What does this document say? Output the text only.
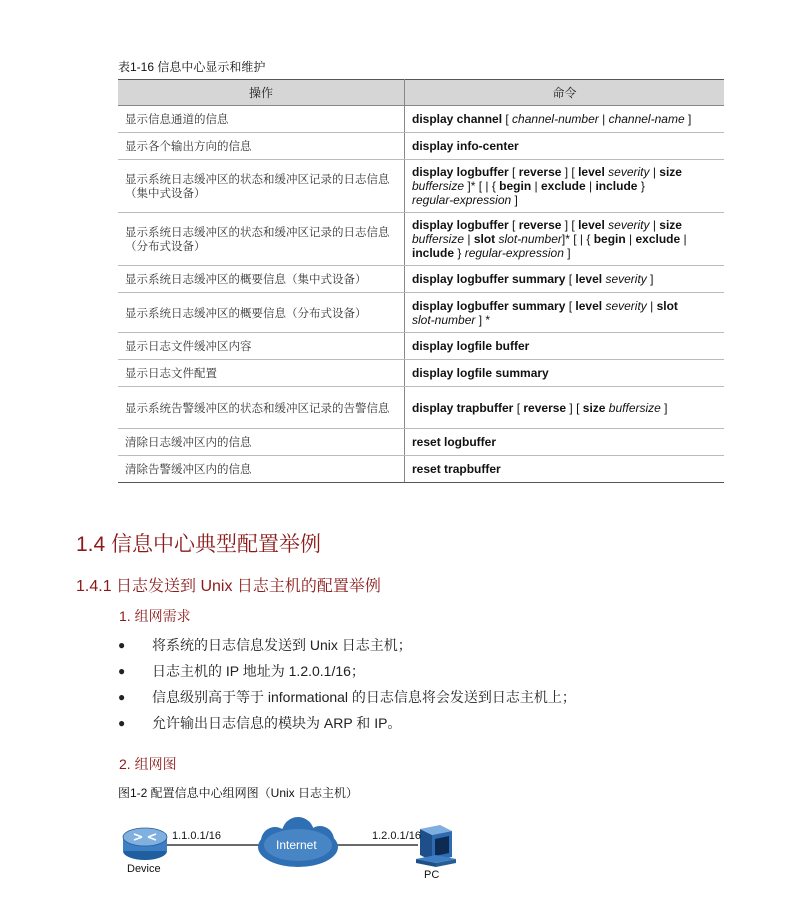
表1-16 信息中心显示和维护
操作	命令
显示信息通道的信息	display channel [ channel-number | channel-name ]
显示各个输出方向的信息	display info-center
显示系统日志缓冲区的状态和缓冲区记录的日志信息（集中式设备）	display logbuffer [ reverse ] [ level severity | size
buffersize ]* [ | { begin | exclude | include }
regular-expression ]
显示系统日志缓冲区的状态和缓冲区记录的日志信息（分布式设备）	display logbuffer [ reverse ] [ level severity | size
buffersize | slot slot-number]* [ | { begin | exclude |
include } regular-expression ]
显示系统日志缓冲区的概要信息（集中式设备）	display logbuffer summary [ level severity ]
显示系统日志缓冲区的概要信息（分布式设备）	display logbuffer summary [ level severity | slot
slot-number ] *
显示日志文件缓冲区内容	display logfile buffer
显示日志文件配置	display logfile summary
显示系统告警缓冲区的状态和缓冲区记录的告警信息	display trapbuffer [ reverse ] [ size buffersize ]
清除日志缓冲区内的信息	reset logbuffer
清除告警缓冲区内的信息	reset trapbuffer
1.4 信息中心典型配置举例
1.4.1 日志发送到 Unix 日志主机的配置举例
1. 组网需求
● 将系统的日志信息发送到 Unix 日志主机；
● 日志主机的 IP 地址为 1.2.0.1/16；
● 信息级别高于等于 informational 的日志信息将会发送到日志主机上；
● 允许输出日志信息的模块为 ARP 和 IP。
2. 组网图
图1-2 配置信息中心组网图（Unix 日志主机）
1.1.0.1/16
Internet
1.2.0.1/16
Device	PC
